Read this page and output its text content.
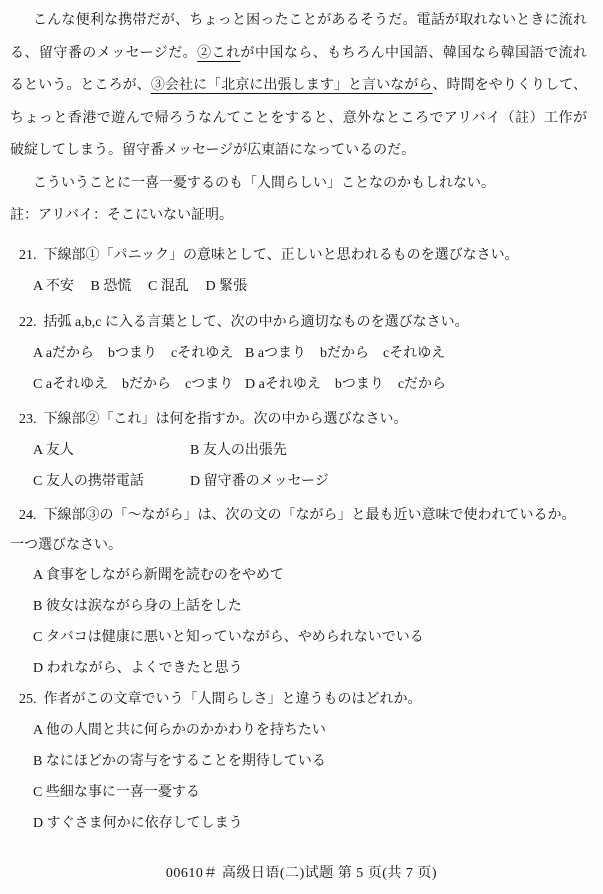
こんな便利な携帯だが、ちょっと困ったことがあるそうだ。電話が取れないときに流れ
る、留守番のメッセージだ。②これが中国なら、もちろん中国語、韓国なら韓国語で流れ
るという。ところが、③会社に「北京に出張します」と言いながら、時間をやりくりして、
ちょっと香港で遊んで帰ろうなんてことをすると、意外なところでアリバイ（註）工作が
破綻してしまう。留守番メッセージが広東語になっているのだ。
こういうことに一喜一憂するのも「人間らしい」ことなのかもしれない。
註：アリバイ：そこにいない証明。
21. 下線部①「パニック」の意味として、正しいと思われるものを選びなさい。
A 不安 B 恐慌 C 混乱 D 緊張
22. 括弧 a,b,c に入る言葉として、次の中から適切なものを選びなさい。
A aだから　bつまり　cそれゆえ B aつまり　bだから　cそれゆえ
C aそれゆえ　bだから　cつまり D aそれゆえ　bつまり　cだから
23. 下線部②「これ」は何を指すか。次の中から選びなさい。
A 友人	B 友人の出張先
C 友人の携帯電話	D 留守番のメッセージ
24. 下線部③の「～ながら」は、次の文の「ながら」と最も近い意味で使われているか。
一つ選びなさい。
A 食事をしながら新聞を読むのをやめて
B 彼女は涙ながら身の上話をした
C タバコは健康に悪いと知っていながら、やめられないでいる
D われながら、よくできたと思う
25. 作者がこの文章でいう「人間らしさ」と違うものはどれか。
A 他の人間と共に何らかのかかわりを持ちたい
B なにほどかの寄与をすることを期待している
C 些細な事に一喜一憂する
D すぐさま何かに依存してしまう
00610＃ 高级日语(二)试题 第 5 页(共 7 页)
